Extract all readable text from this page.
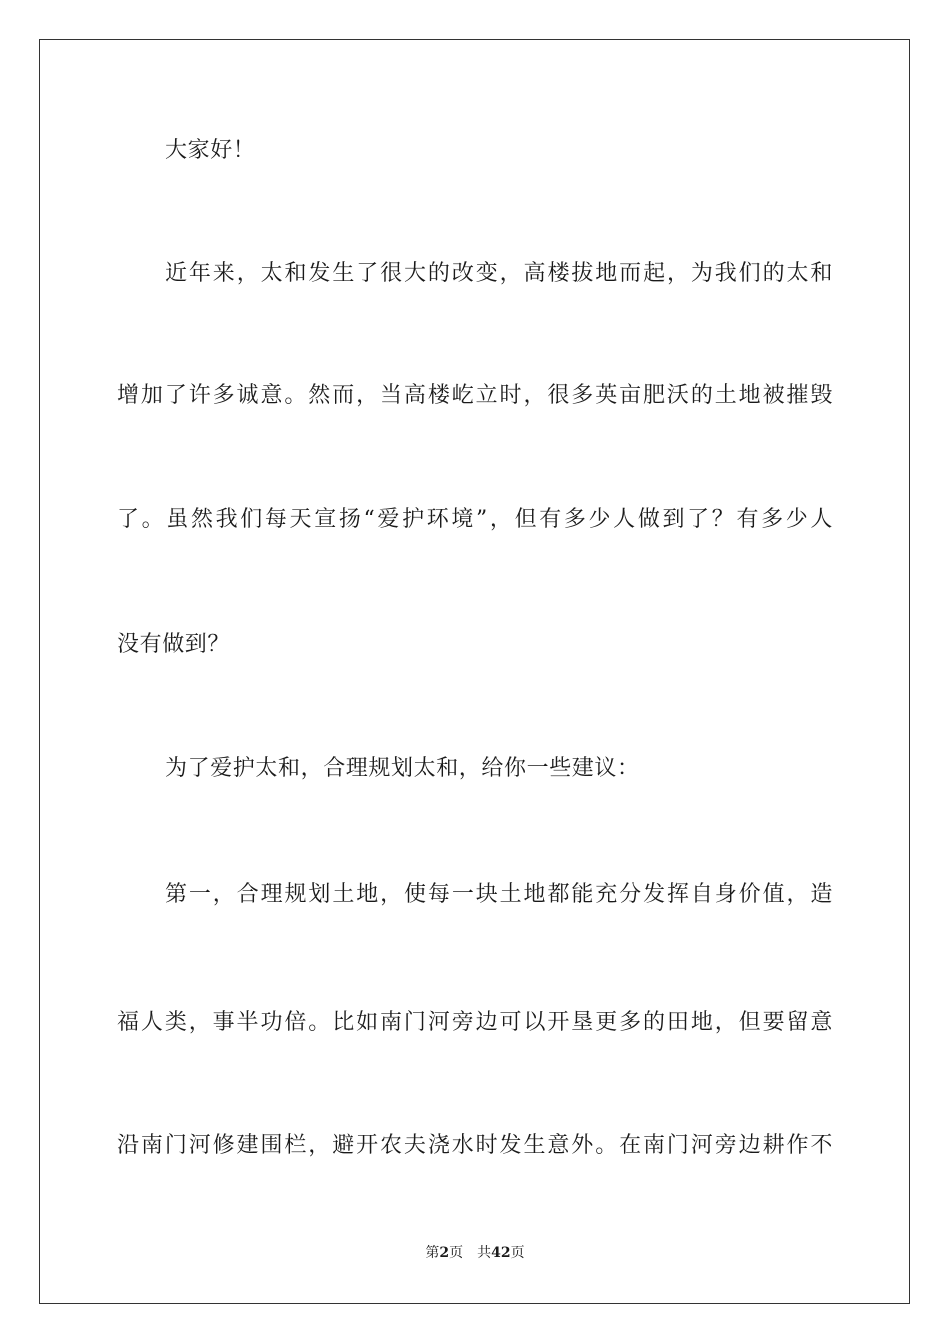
大家好！
近年来，太和发生了很大的改变，高楼拔地而起，为我们的太和
增加了许多诚意。然而，当高楼屹立时，很多英亩肥沃的土地被摧毁
了。虽然我们每天宣扬“爱护环境”，但有多少人做到了？有多少人
没有做到？
为了爱护太和，合理规划太和，给你一些建议：
第一，合理规划土地，使每一块土地都能充分发挥自身价值，造
福人类，事半功倍。比如南门河旁边可以开垦更多的田地，但要留意
沿南门河修建围栏，避开农夫浇水时发生意外。在南门河旁边耕作不
第2页 共42页
